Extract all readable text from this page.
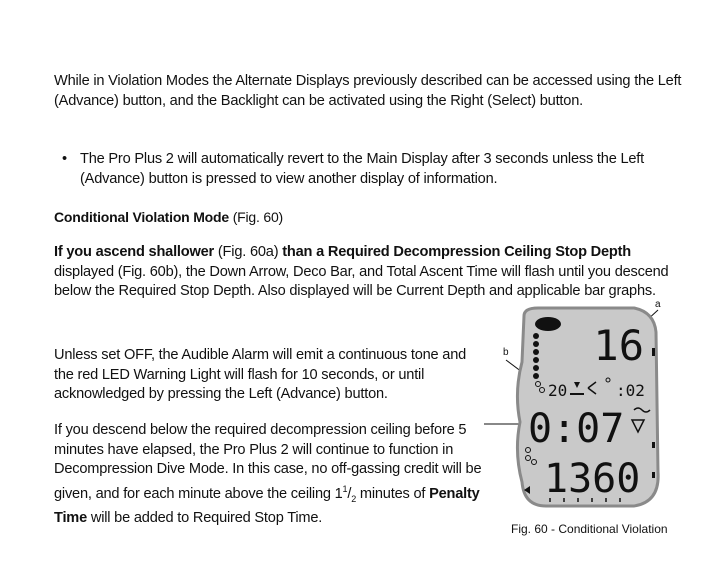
While in Violation Modes the Alternate Displays previously described can be accessed using the Left (Advance) button, and the Backlight can be activated using the Right (Select) button.
• The Pro Plus 2 will automatically revert to the Main Display after 3 seconds unless the Left (Advance) button is pressed to view another display of information.
Conditional Violation Mode (Fig. 60)
If you ascend shallower (Fig. 60a) than a Required Decompression Ceiling Stop Depth displayed (Fig. 60b), the Down Arrow, Deco Bar, and Total Ascent Time will flash until you descend below the Required Stop Depth. Also displayed will be Current Depth and applicable bar graphs.
Unless set OFF, the Audible Alarm will emit a continuous tone and the red LED Warning Light will flash for 10 seconds, or until acknowledged by pressing the Left (Advance) button.
If you descend below the required decompression ceiling before 5 minutes have elapsed, the Pro Plus 2 will continue to function in Decompression Dive Mode. In this case, no off-gassing credit will be given, and for each minute above the ceiling $1^1/_2$ minutes of Penalty Time will be added to Required Stop Time.
a
b 16
20	:02
0:07
1360
Fig. 60 - Conditional Violation
